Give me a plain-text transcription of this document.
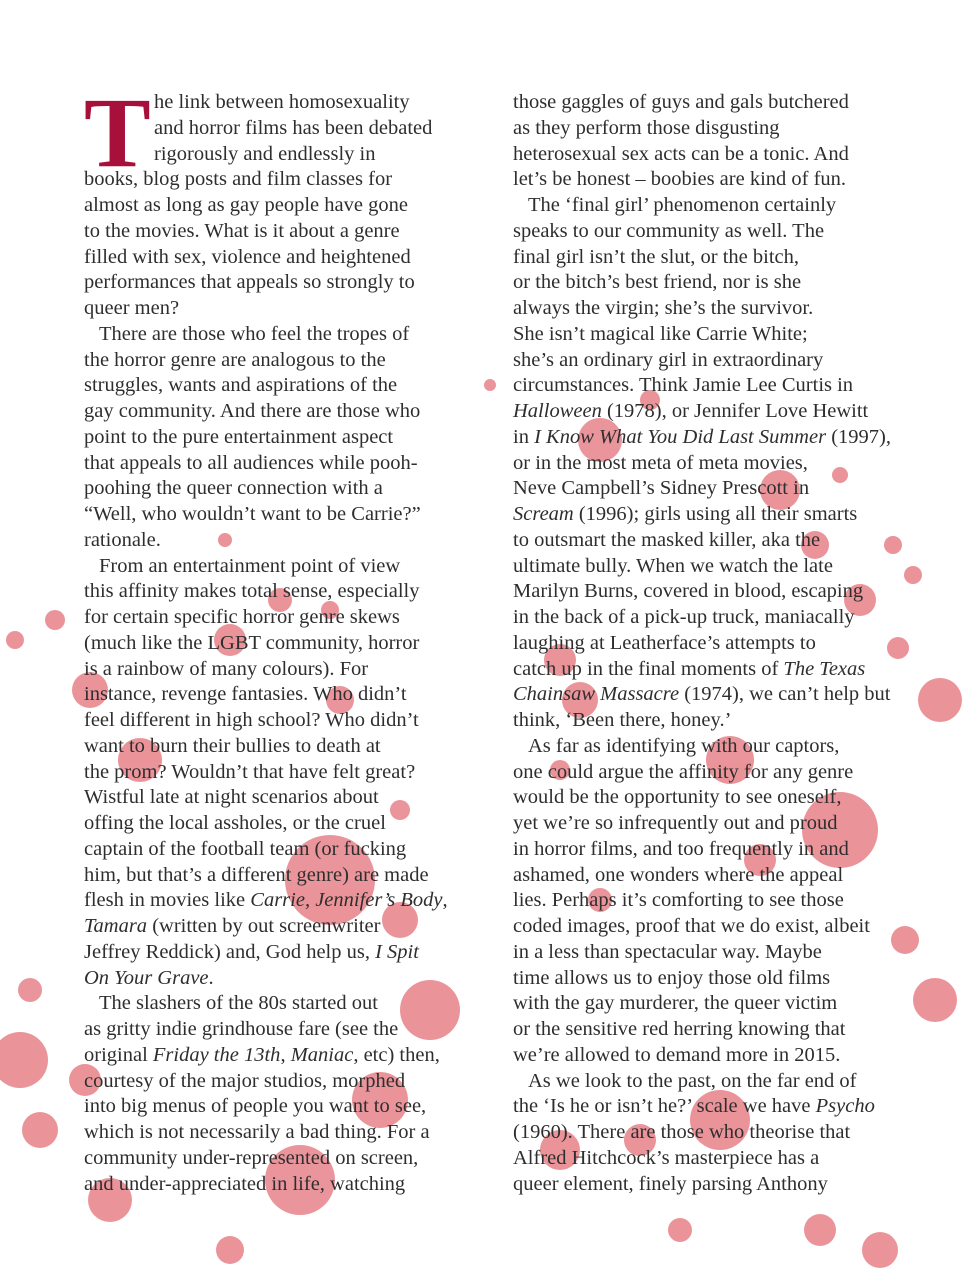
T he link between homosexuality
and horror films has been debated
rigorously and endlessly in
books, blog posts and film classes for
almost as long as gay people have gone
to the movies. What is it about a genre
filled with sex, violence and heightened
performances that appeals so strongly to
queer men?
There are those who feel the tropes of
the horror genre are analogous to the
struggles, wants and aspirations of the
gay community. And there are those who
point to the pure entertainment aspect
that appeals to all audiences while pooh-
poohing the queer connection with a
“Well, who wouldn’t want to be Carrie?”
rationale.
From an entertainment point of view
this affinity makes total sense, especially
for certain specific horror genre skews
(much like the LGBT community, horror
is a rainbow of many colours). For
instance, revenge fantasies. Who didn’t
feel different in high school? Who didn’t
want to burn their bullies to death at
the prom? Wouldn’t that have felt great?
Wistful late at night scenarios about
offing the local assholes, or the cruel
captain of the football team (or fucking
him, but that’s a different genre) are made
flesh in movies like Carrie, Jennifer’s Body,
Tamara (written by out screenwriter
Jeffrey Reddick) and, God help us, I Spit
On Your Grave.
The slashers of the 80s started out
as gritty indie grindhouse fare (see the
original Friday the 13th, Maniac, etc) then,
courtesy of the major studios, morphed
into big menus of people you want to see,
which is not necessarily a bad thing. For a
community under-represented on screen,
and under-appreciated in life, watching
those gaggles of guys and gals butchered
as they perform those disgusting
heterosexual sex acts can be a tonic. And
let’s be honest – boobies are kind of fun.
The ‘final girl’ phenomenon certainly
speaks to our community as well. The
final girl isn’t the slut, or the bitch,
or the bitch’s best friend, nor is she
always the virgin; she’s the survivor.
She isn’t magical like Carrie White;
she’s an ordinary girl in extraordinary
circumstances. Think Jamie Lee Curtis in
Halloween (1978), or Jennifer Love Hewitt
in I Know What You Did Last Summer (1997),
or in the most meta of meta movies,
Neve Campbell’s Sidney Prescott in
Scream (1996); girls using all their smarts
to outsmart the masked killer, aka the
ultimate bully. When we watch the late
Marilyn Burns, covered in blood, escaping
in the back of a pick-up truck, maniacally
laughing at Leatherface’s attempts to
catch up in the final moments of The Texas
Chainsaw Massacre (1974), we can’t help but
think, ‘Been there, honey.’
As far as identifying with our captors,
one could argue the affinity for any genre
would be the opportunity to see oneself,
yet we’re so infrequently out and proud
in horror films, and too frequently in and
ashamed, one wonders where the appeal
lies. Perhaps it’s comforting to see those
coded images, proof that we do exist, albeit
in a less than spectacular way. Maybe
time allows us to enjoy those old films
with the gay murderer, the queer victim
or the sensitive red herring knowing that
we’re allowed to demand more in 2015.
As we look to the past, on the far end of
the ‘Is he or isn’t he?’ scale we have Psycho
(1960). There are those who theorise that
Alfred Hitchcock’s masterpiece has a
queer element, finely parsing Anthony
